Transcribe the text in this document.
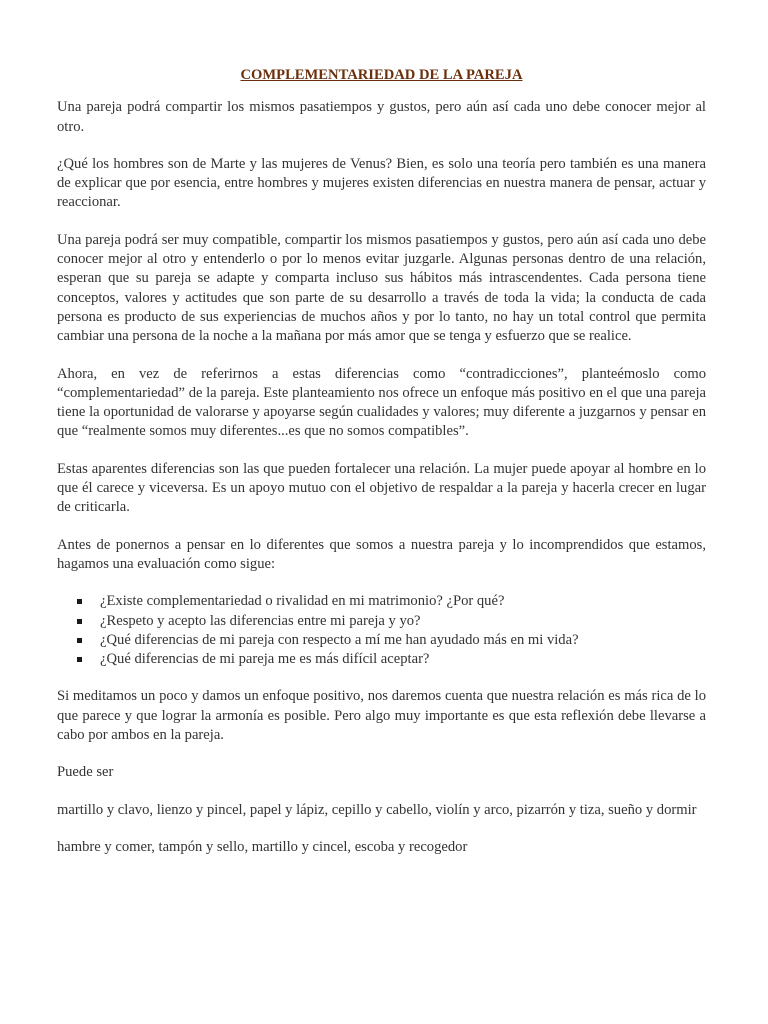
COMPLEMENTARIEDAD DE LA PAREJA

Una pareja podrá compartir los mismos pasatiempos y gustos, pero aún así cada uno debe conocer mejor al otro.

¿Qué los hombres son de Marte y las mujeres de Venus? Bien, es solo una teoría pero también es una manera de explicar que por esencia, entre hombres y mujeres existen diferencias en nuestra manera de pensar, actuar y reaccionar.

Una pareja podrá ser muy compatible, compartir los mismos pasatiempos y gustos, pero aún así cada uno debe conocer mejor al otro y entenderlo o por lo menos evitar juzgarle. Algunas personas dentro de una relación, esperan que su pareja se adapte y comparta incluso sus hábitos más intrascendentes. Cada persona tiene conceptos, valores y actitudes que son parte de su desarrollo a través de toda la vida; la conducta de cada persona es producto de sus experiencias de muchos años y por lo tanto, no hay un total control que permita cambiar una persona de la noche a la mañana por más amor que se tenga y esfuerzo que se realice.

Ahora, en vez de referirnos a estas diferencias como “contradicciones”, planteémoslo como “complementariedad” de la pareja. Este planteamiento nos ofrece un enfoque más positivo en el que una pareja tiene la oportunidad de valorarse y apoyarse según cualidades y valores; muy diferente a juzgarnos y pensar en que “realmente somos muy diferentes...es que no somos compatibles”.

Estas aparentes diferencias son las que pueden fortalecer una relación. La mujer puede apoyar al hombre en lo que él carece y viceversa. Es un apoyo mutuo con el objetivo de respaldar a la pareja y hacerla crecer en lugar de criticarla.

Antes de ponernos a pensar en lo diferentes que somos a nuestra pareja y lo incomprendidos que estamos, hagamos una evaluación como sigue:

¿Existe complementariedad o rivalidad en mi matrimonio? ¿Por qué?
¿Respeto y acepto las diferencias entre mi pareja y yo?
¿Qué diferencias de mi pareja con respecto a mí me han ayudado más en mi vida?
¿Qué diferencias de mi pareja me es más difícil aceptar?

Si meditamos un poco y damos un enfoque positivo, nos daremos cuenta que nuestra relación es más rica de lo que parece y que lograr la armonía es posible. Pero algo muy importante es que esta reflexión debe llevarse a cabo por ambos en la pareja.

Puede ser

martillo y clavo, lienzo y pincel, papel y lápiz, cepillo y cabello, violín y arco, pizarrón y tiza, sueño y dormir

hambre y comer, tampón y sello, martillo y cincel, escoba y recogedor
